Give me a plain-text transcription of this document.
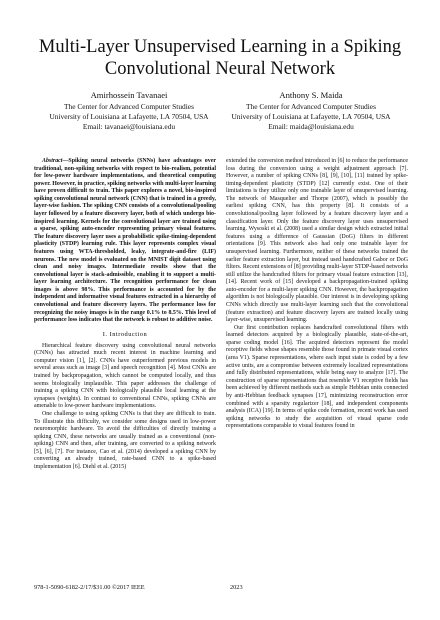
Multi-Layer Unsupervised Learning in a Spiking Convolutional Neural Network
Amirhossein Tavanaei
The Center for Advanced Computer Studies
University of Louisiana at Lafayette, LA 70504, USA
Email: tavanaei@louisiana.edu
Anthony S. Maida
The Center for Advanced Computer Studies
University of Louisiana at Lafayette, LA 70504, USA
Email: maida@louisiana.edu

Abstract—Spiking neural networks (SNNs) have advantages over traditional, non-spiking networks with respect to bio-realism, potential for low-power hardware implementations, and theoretical computing power. However, in practice, spiking networks with multi-layer learning have proven difficult to train. This paper explores a novel, bio-inspired spiking convolutional neural network (CNN) that is trained in a greedy, layer-wise fashion. The spiking CNN consists of a convolutional/pooling layer followed by a feature discovery layer, both of which undergo bio-inspired learning. Kernels for the convolutional layer are trained using a sparse, spiking auto-encoder representing primary visual features. The feature discovery layer uses a probabilistic spike-timing-dependent plasticity (STDP) learning rule. This layer represents complex visual features using WTA-thresholded, leaky, integrate-and-fire (LIF) neurons. The new model is evaluated on the MNIST digit dataset using clean and noisy images. Intermediate results show that the convolutional layer is stack-admissible, enabling it to support a multi-layer learning architecture. The recognition performance for clean images is above 98%. This performance is accounted for by the independent and informative visual features extracted in a hierarchy of convolutional and feature discovery layers. The performance loss for recognizing the noisy images is in the range 0.1% to 8.5%. This level of performance loss indicates that the network is robust to additive noise.

I. Introduction

Hierarchical feature discovery using convolutional neural networks (CNNs) has attracted much recent interest in machine learning and computer vision [1], [2]. CNNs have outperformed previous models in several areas such as image [3] and speech recognition [4]. Most CNNs are trained by backpropagation, which cannot be computed locally, and thus seems biologically implausible. This paper addresses the challenge of training a spiking CNN with biologically plausible local learning at the synapses (weights). In contrast to conventional CNNs, spiking CNNs are amenable to low-power hardware implementations.

One challenge to using spiking CNNs is that they are difficult to train. To illustrate this difficulty, we consider some designs used in low-power neuromorphic hardware. To avoid the difficulties of directly training a spiking CNN, these networks are usually trained as a conventional (non-spiking) CNN and then, after training, are converted to a spiking network [5], [6], [7]. For instance, Cao et al. (2014) developed a spiking CNN by converting an already trained, rate-based CNN to a spike-based implementation [6]. Diehl et al. (2015)

extended the conversion method introduced in [6] to reduce the performance loss during the conversion using a weight adjustment approach [7]. However, a number of spiking CNNs [8], [9], [10], [11] trained by spike-timing-dependent plasticity (STDP) [12] currently exist. One of their limitations is they utilize only one trainable layer of unsupervised learning. The network of Masquelier and Thorpe (2007), which is possibly the earliest spiking CNN, has this property [8]. It consists of a convolutional/pooling layer followed by a feature discovery layer and a classification layer. Only the feature discovery layer uses unsupervised learning. Wysoski et al. (2008) used a similar design which extracted initial features using a difference of Gaussian (DoG) filters in different orientations [9]. This network also had only one trainable layer for unsupervised learning. Furthermore, neither of these networks trained the earlier feature extraction layer, but instead used handcrafted Gabor or DoG filters. Recent extensions of [8] providing multi-layer STDP-based networks still utilize the handcrafted filters for primary visual feature extraction [13], [14]. Recent work of [15] developed a backpropagation-trained spiking auto-encoder for a multi-layer spiking CNN. However, the backpropagation algorithm is not biologically plausible. Our interest is in developing spiking CNNs which directly use multi-layer learning such that the convolutional (feature extraction) and feature discovery layers are trained locally using layer-wise, unsupervised learning.

Our first contribution replaces handcrafted convolutional filters with learned detectors acquired by a biologically plausible, state-of-the-art, sparse coding model [16]. The acquired detectors represent the model receptive fields whose shapes resemble those found in primate visual cortex (area V1). Sparse representations, where each input state is coded by a few active units, are a compromise between extremely localized representations and fully distributed representations, while being easy to analyze [17]. The construction of sparse representations that resemble V1 receptive fields has been achieved by different methods such as simple Hebbian units connected by anti-Hebbian feedback synapses [17], minimizing reconstruction error combined with a sparsity regularizer [18], and independent components analysis (ICA) [19]. In terms of spike code formation, recent work has used spiking networks to study the acquisition of visual sparse code representations comparable to visual features found in

978-1-5090-6182-2/17/$31.00 ©2017 IEEE	2023
